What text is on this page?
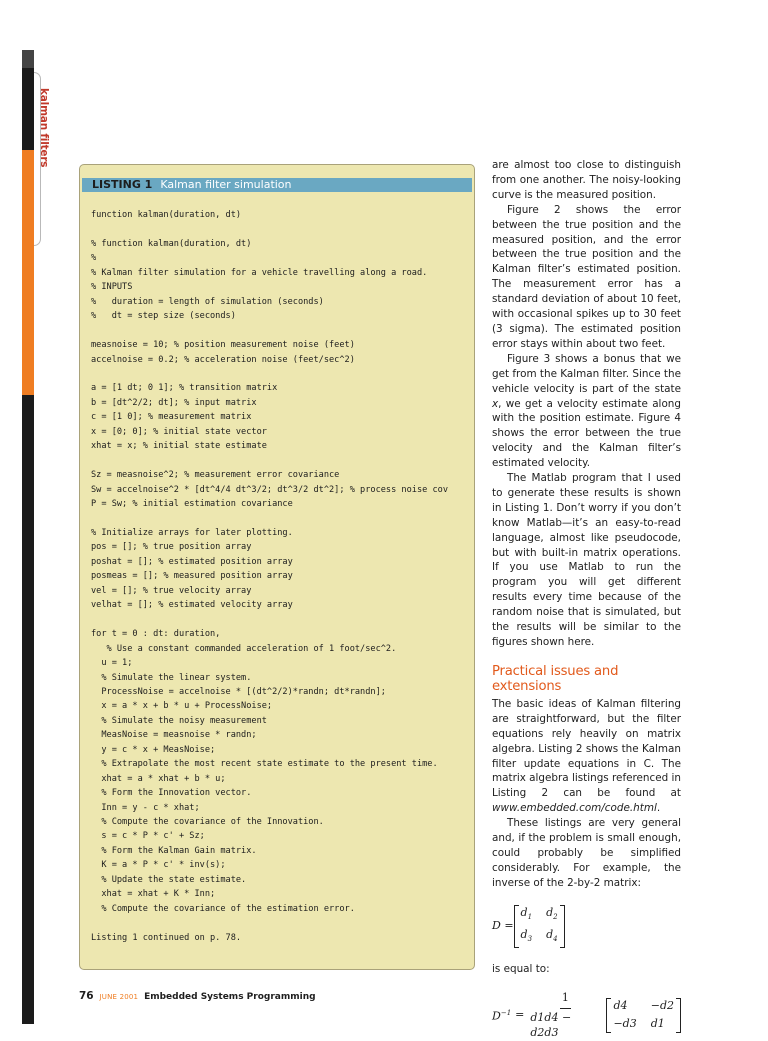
kalman filters
LISTING 1 Kalman filter simulation
function kalman(duration, dt)

% function kalman(duration, dt)
%
% Kalman filter simulation for a vehicle travelling along a road.
% INPUTS
%   duration = length of simulation (seconds)
%   dt = step size (seconds)

measnoise = 10; % position measurement noise (feet)
accelnoise = 0.2; % acceleration noise (feet/sec^2)

a = [1 dt; 0 1]; % transition matrix
b = [dt^2/2; dt]; % input matrix
c = [1 0]; % measurement matrix
x = [0; 0]; % initial state vector
xhat = x; % initial state estimate

Sz = measnoise^2; % measurement error covariance
Sw = accelnoise^2 * [dt^4/4 dt^3/2; dt^3/2 dt^2]; % process noise cov
P = Sw; % initial estimation covariance

% Initialize arrays for later plotting.
pos = []; % true position array
poshat = []; % estimated position array
posmeas = []; % measured position array
vel = []; % true velocity array
velhat = []; % estimated velocity array

for t = 0 : dt: duration,
% Use a constant commanded acceleration of 1 foot/sec^2.
u = 1;
% Simulate the linear system.
ProcessNoise = accelnoise * [(dt^2/2)*randn; dt*randn];
x = a * x + b * u + ProcessNoise;
% Simulate the noisy measurement
MeasNoise = measnoise * randn;
y = c * x + MeasNoise;
% Extrapolate the most recent state estimate to the present time.
xhat = a * xhat + b * u;
% Form the Innovation vector.
Inn = y - c * xhat;
% Compute the covariance of the Innovation.
s = c * P * c' + Sz;
% Form the Kalman Gain matrix.
K = a * P * c' * inv(s);
% Update the state estimate.
xhat = xhat + K * Inn;
% Compute the covariance of the estimation error.

Listing 1 continued on p. 78.

are almost too close to distinguish from one another. The noisy-looking curve is the measured position.

Figure 2 shows the error between the true position and the measured position, and the error between the true position and the Kalman filter’s estimated position. The measurement error has a standard deviation of about 10 feet, with occasional spikes up to 30 feet (3 sigma). The estimated position error stays within about two feet.

Figure 3 shows a bonus that we get from the Kalman filter. Since the vehicle velocity is part of the state x, we get a velocity estimate along with the position estimate. Figure 4 shows the error between the true velocity and the Kalman filter’s estimated velocity.

The Matlab program that I used to generate these results is shown in Listing 1. Don’t worry if you don’t know Matlab—it’s an easy-to-read language, almost like pseudocode, but with built-in matrix operations. If you use Matlab to run the program you will get different results every time because of the random noise that is simulated, but the results will be similar to the figures shown here.

Practical issues and extensions

The basic ideas of Kalman filtering are straightforward, but the filter equations rely heavily on matrix algebra. Listing 2 shows the Kalman filter update equations in C. The matrix algebra listings referenced in Listing 2 can be found at www.embedded.com/code.html.

These listings are very general and, if the problem is small enough, could probably be simplified considerably. For example, the inverse of the 2-by-2 matrix:

D =
$d_1$ $d_2$
$d_3$ $d_4$

is equal to:

$D^{-1} = \frac{1}{d1d4 - d2d3} d4$	−d2
−d3 d1
76 JUNE 2001 Embedded Systems Programming
